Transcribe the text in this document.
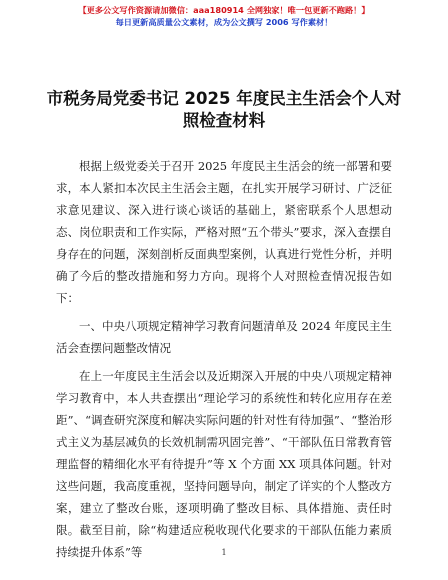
【更多公文写作资源请加微信：aaa180914 全网独家！唯一包更新不跑路！】
每日更新高质量公文素材，成为公文撰写 2006 写作素材！
市税务局党委书记 2025 年度民主生活会个人对照检查材料

根据上级党委关于召开 2025 年度民主生活会的统一部署和要求，本人紧扣本次民主生活会主题，在扎实开展学习研讨、广泛征求意见建议、深入进行谈心谈话的基础上，紧密联系个人思想动态、岗位职责和工作实际，严格对照“五个带头”要求，深入查摆自身存在的问题，深刻剖析反面典型案例，认真进行党性分析，并明确了今后的整改措施和努力方向。现将个人对照检查情况报告如下：

一、中央八项规定精神学习教育问题清单及 2024 年度民主生活会查摆问题整改情况

在上一年度民主生活会以及近期深入开展的中央八项规定精神学习教育中，本人共查摆出“理论学习的系统性和转化应用存在差距”、“调查研究深度和解决实际问题的针对性有待加强”、“整治形式主义为基层减负的长效机制需巩固完善”、“干部队伍日常教育管理监督的精细化水平有待提升”等 X 个方面 XX 项具体问题。针对这些问题，我高度重视，坚持问题导向，制定了详实的个人整改方案，建立了整改台账，逐项明确了整改目标、具体措施、责任时限。截至目前，除“构建适应税收现代化要求的干部队伍能力素质持续提升体系”等	1
